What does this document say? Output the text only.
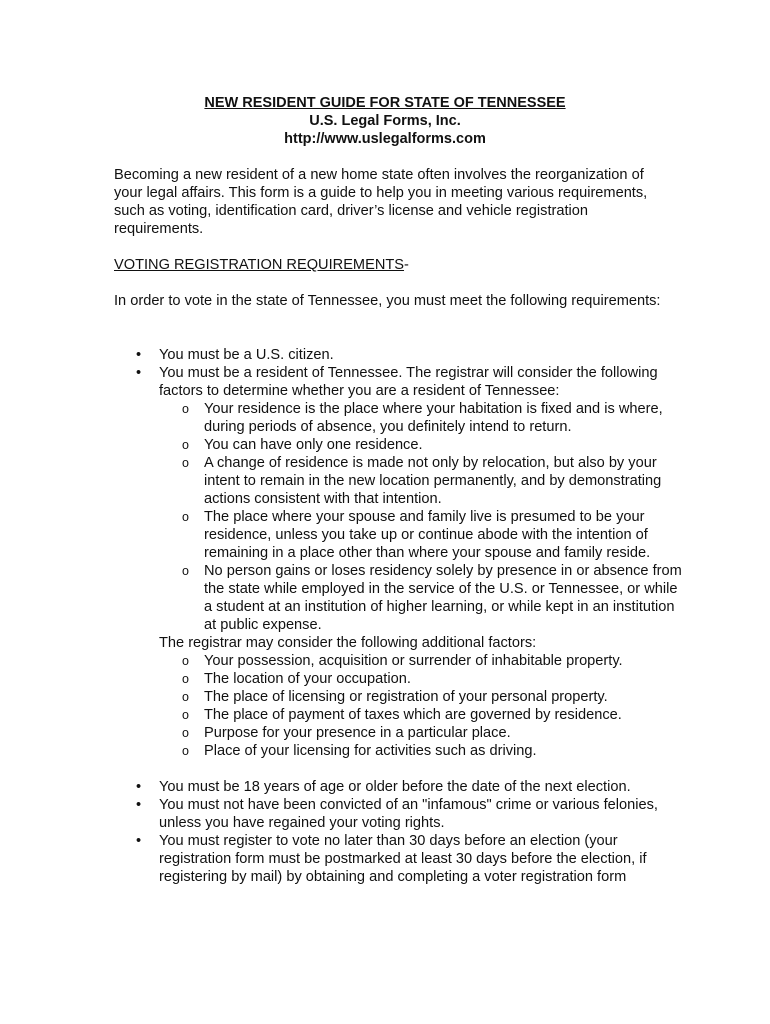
NEW RESIDENT GUIDE FOR STATE OF TENNESSEE
U.S. Legal Forms, Inc.
http://www.uslegalforms.com
Becoming a new resident of a new home state often involves the reorganization of your legal affairs. This form is a guide to help you in meeting various requirements, such as voting, identification card, driver’s license and vehicle registration requirements.
VOTING REGISTRATION REQUIREMENTS-
In order to vote in the state of Tennessee, you must meet the following requirements:
• You must be a U.S. citizen.
• You must be a resident of Tennessee. The registrar will consider the following factors to determine whether you are a resident of Tennessee:
o Your residence is the place where your habitation is fixed and is where, during periods of absence, you definitely intend to return.
o You can have only one residence.
o A change of residence is made not only by relocation, but also by your intent to remain in the new location permanently, and by demonstrating actions consistent with that intention.
o The place where your spouse and family live is presumed to be your residence, unless you take up or continue abode with the intention of remaining in a place other than where your spouse and family reside.
o No person gains or loses residency solely by presence in or absence from the state while employed in the service of the U.S. or Tennessee, or while a student at an institution of higher learning, or while kept in an institution at public expense.
The registrar may consider the following additional factors:
o Your possession, acquisition or surrender of inhabitable property.
o The location of your occupation.
o The place of licensing or registration of your personal property.
o The place of payment of taxes which are governed by residence.
o Purpose for your presence in a particular place.
o Place of your licensing for activities such as driving.
• You must be 18 years of age or older before the date of the next election.
• You must not have been convicted of an "infamous" crime or various felonies, unless you have regained your voting rights.
• You must register to vote no later than 30 days before an election (your registration form must be postmarked at least 30 days before the election, if registering by mail) by obtaining and completing a voter registration form
